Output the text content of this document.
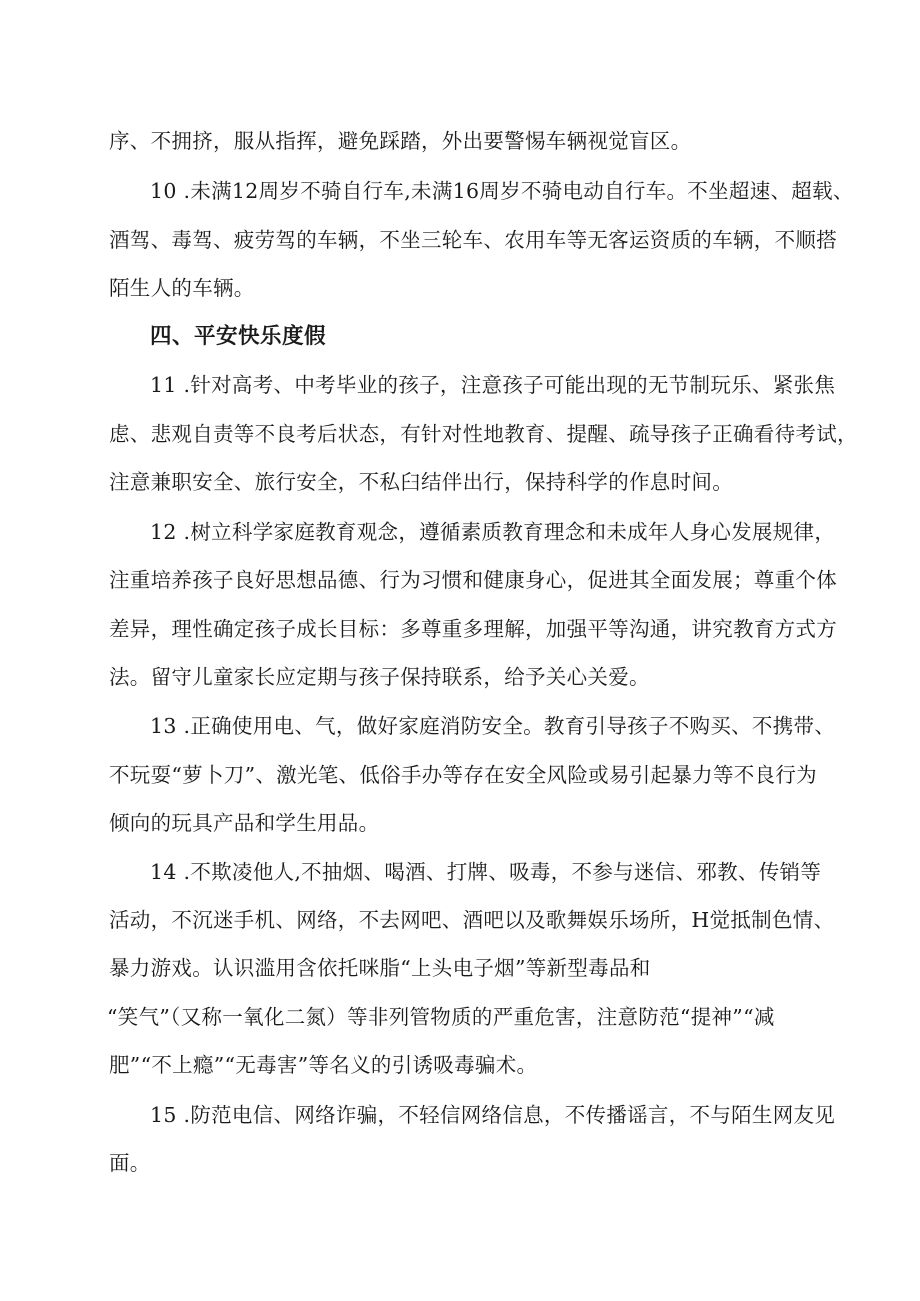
序、不拥挤，服从指挥，避免踩踏，外出要警惕车辆视觉盲区。
10 .未满12周岁不骑自行车,未满16周岁不骑电动自行车。不坐超速、超载、
酒驾、毒驾、疲劳驾的车辆，不坐三轮车、农用车等无客运资质的车辆，不顺搭
陌生人的车辆。
四、平安快乐度假
11 .针对高考、中考毕业的孩子，注意孩子可能出现的无节制玩乐、紧张焦
虑、悲观自责等不良考后状态，有针对性地教育、提醒、疏导孩子正确看待考试，
注意兼职安全、旅行安全，不私臼结伴出行，保持科学的作息时间。
12 .树立科学家庭教育观念，遵循素质教育理念和未成年人身心发展规律，
注重培养孩子良好思想品德、行为习惯和健康身心，促进其全面发展；尊重个体
差异，理性确定孩子成长目标：多尊重多理解，加强平等沟通，讲究教育方式方
法。留守儿童家长应定期与孩子保持联系，给予关心关爱。
13 .正确使用电、气，做好家庭消防安全。教育引导孩子不购买、不携带、
不玩耍“萝卜刀”、激光笔、低俗手办等存在安全风险或易引起暴力等不良行为
倾向的玩具产品和学生用品。
14 .不欺凌他人,不抽烟、喝酒、打牌、吸毒，不参与迷信、邪教、传销等
活动，不沉迷手机、网络，不去网吧、酒吧以及歌舞娱乐场所，H觉抵制色情、
暴力游戏。认识滥用含依托咪脂“上头电子烟”等新型毒品和
“笑气”（又称一氧化二氮）等非列管物质的严重危害，注意防范“提神”“减
肥”“不上瘾”“无毒害”等名义的引诱吸毒骗术。
15 .防范电信、网络诈骗，不轻信网络信息，不传播谣言，不与陌生网友见
面。
